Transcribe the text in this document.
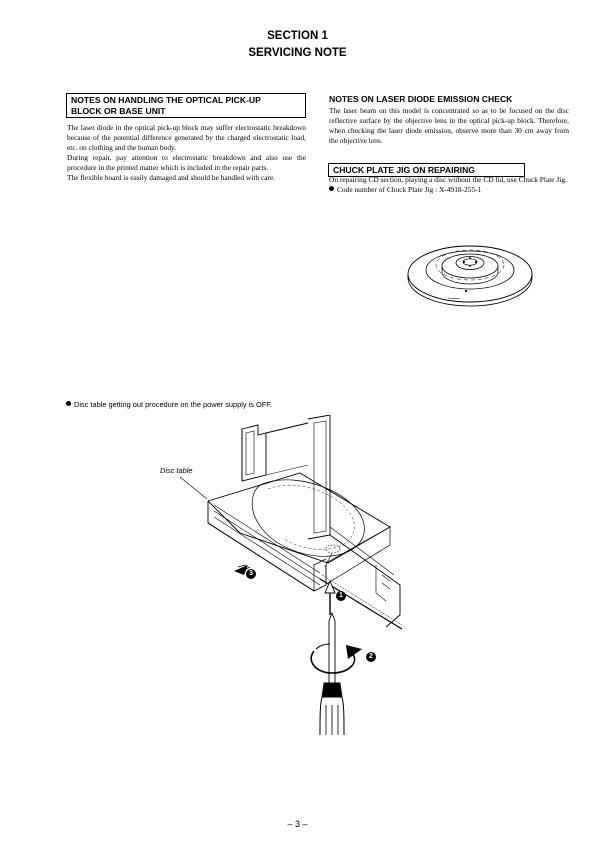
SECTION 1
SERVICING NOTE
NOTES ON HANDLING THE OPTICAL PICK-UP
BLOCK OR BASE UNIT

The laser diode in the optical pick-up block may suffer electrostatic breakdown because of the potential difference generated by the charged electrostatic load, etc. on clothing and the human body.

During repair, pay attention to electrostatic breakdown and also use the procedure in the printed matter which is included in the repair parts.

The flexible board is easily damaged and should be handled with care.

NOTES ON LASER DIODE EMISSION CHECK

The laser beam on this model is concentrated so as to be focused on the disc reflective surface by the objective lens in the optical pick-up block. Therefore, when checking the laser diode emission, observe more than 30 cm away from the objective lens.

CHUCK PLATE JIG ON REPAIRING

On repairing CD section, playing a disc without the CD lid, use Chuck Plate Jig.

Code number of Chuck Plate Jig : X-4918-255-1

Disc table getting out procedure on the power supply is OFF.
Disc table
3
1
2
– 3 –
